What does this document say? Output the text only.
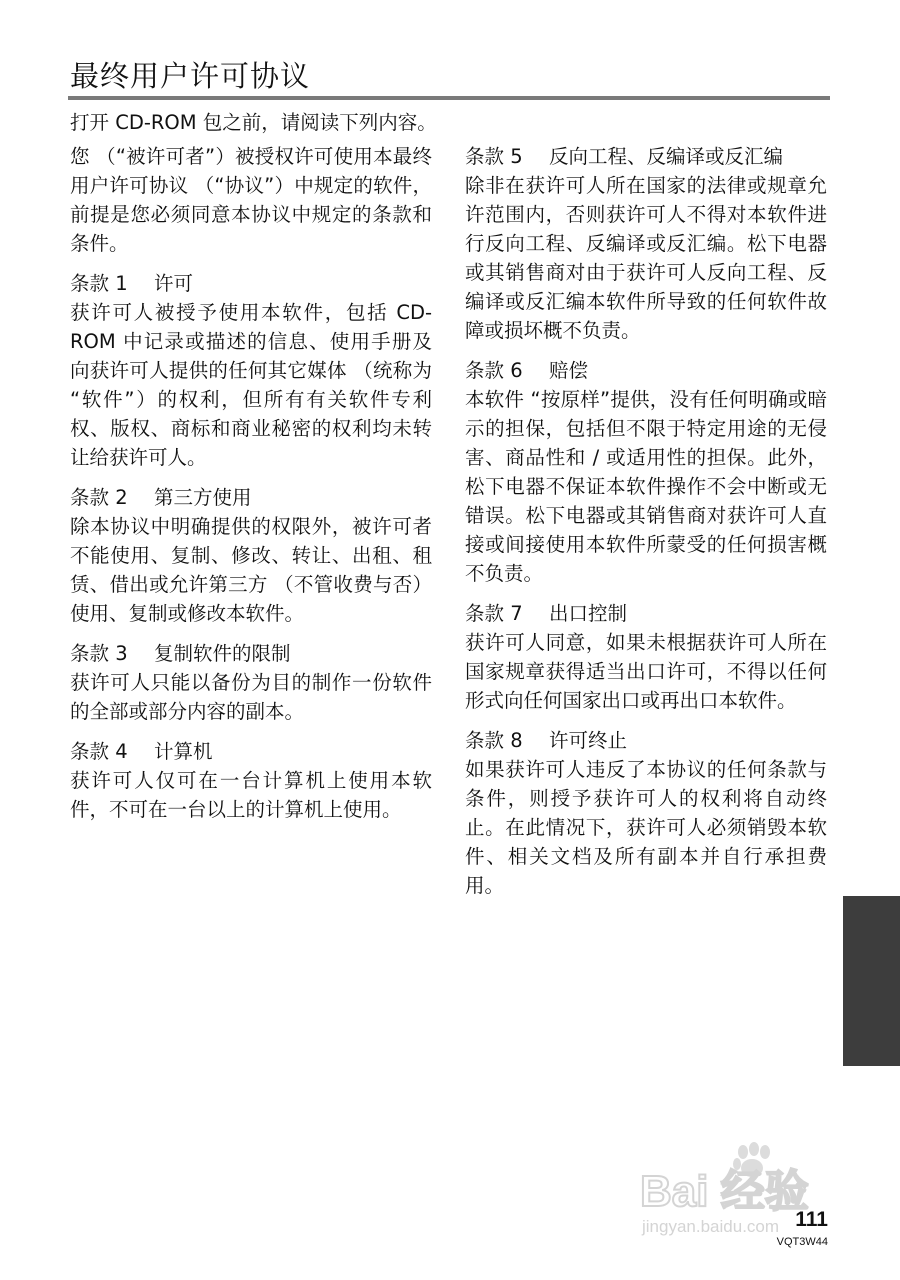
最终用户许可协议
打开 CD-ROM 包之前，请阅读下列内容。

您 （“被许可者”）被授权许可使用本最终用户许可协议 （“协议”）中规定的软件，前提是您必须同意本协议中规定的条款和条件。

条款 1 许可

获许可人被授予使用本软件，包括 CD-ROM 中记录或描述的信息、使用手册及向获许可人提供的任何其它媒体 （统称为 “软件”）的权利，但所有有关软件专利权、版权、商标和商业秘密的权利均未转让给获许可人。

条款 2 第三方使用

除本协议中明确提供的权限外，被许可者不能使用、复制、修改、转让、出租、租赁、借出或允许第三方 （不管收费与否）使用、复制或修改本软件。

条款 3 复制软件的限制

获许可人只能以备份为目的制作一份软件的全部或部分内容的副本。

条款 4 计算机

获许可人仅可在一台计算机上使用本软件，不可在一台以上的计算机上使用。

条款 5 反向工程、反编译或反汇编

除非在获许可人所在国家的法律或规章允许范围内，否则获许可人不得对本软件进行反向工程、反编译或反汇编。松下电器或其销售商对由于获许可人反向工程、反编译或反汇编本软件所导致的任何软件故障或损坏概不负责。

条款 6 赔偿

本软件 “按原样”提供，没有任何明确或暗示的担保，包括但不限于特定用途的无侵害、商品性和 / 或适用性的担保。此外，松下电器不保证本软件操作不会中断或无错误。松下电器或其销售商对获许可人直接或间接使用本软件所蒙受的任何损害概不负责。

条款 7 出口控制

获许可人同意，如果未根据获许可人所在国家规章获得适当出口许可，不得以任何形式向任何国家出口或再出口本软件。

条款 8 许可终止

如果获许可人违反了本协议的任何条款与条件，则授予获许可人的权利将自动终止。在此情况下，获许可人必须销毁本软件、相关文档及所有副本并自行承担费用。

Bai 经验
jingyan.baidu.com 111
VQT3W44
